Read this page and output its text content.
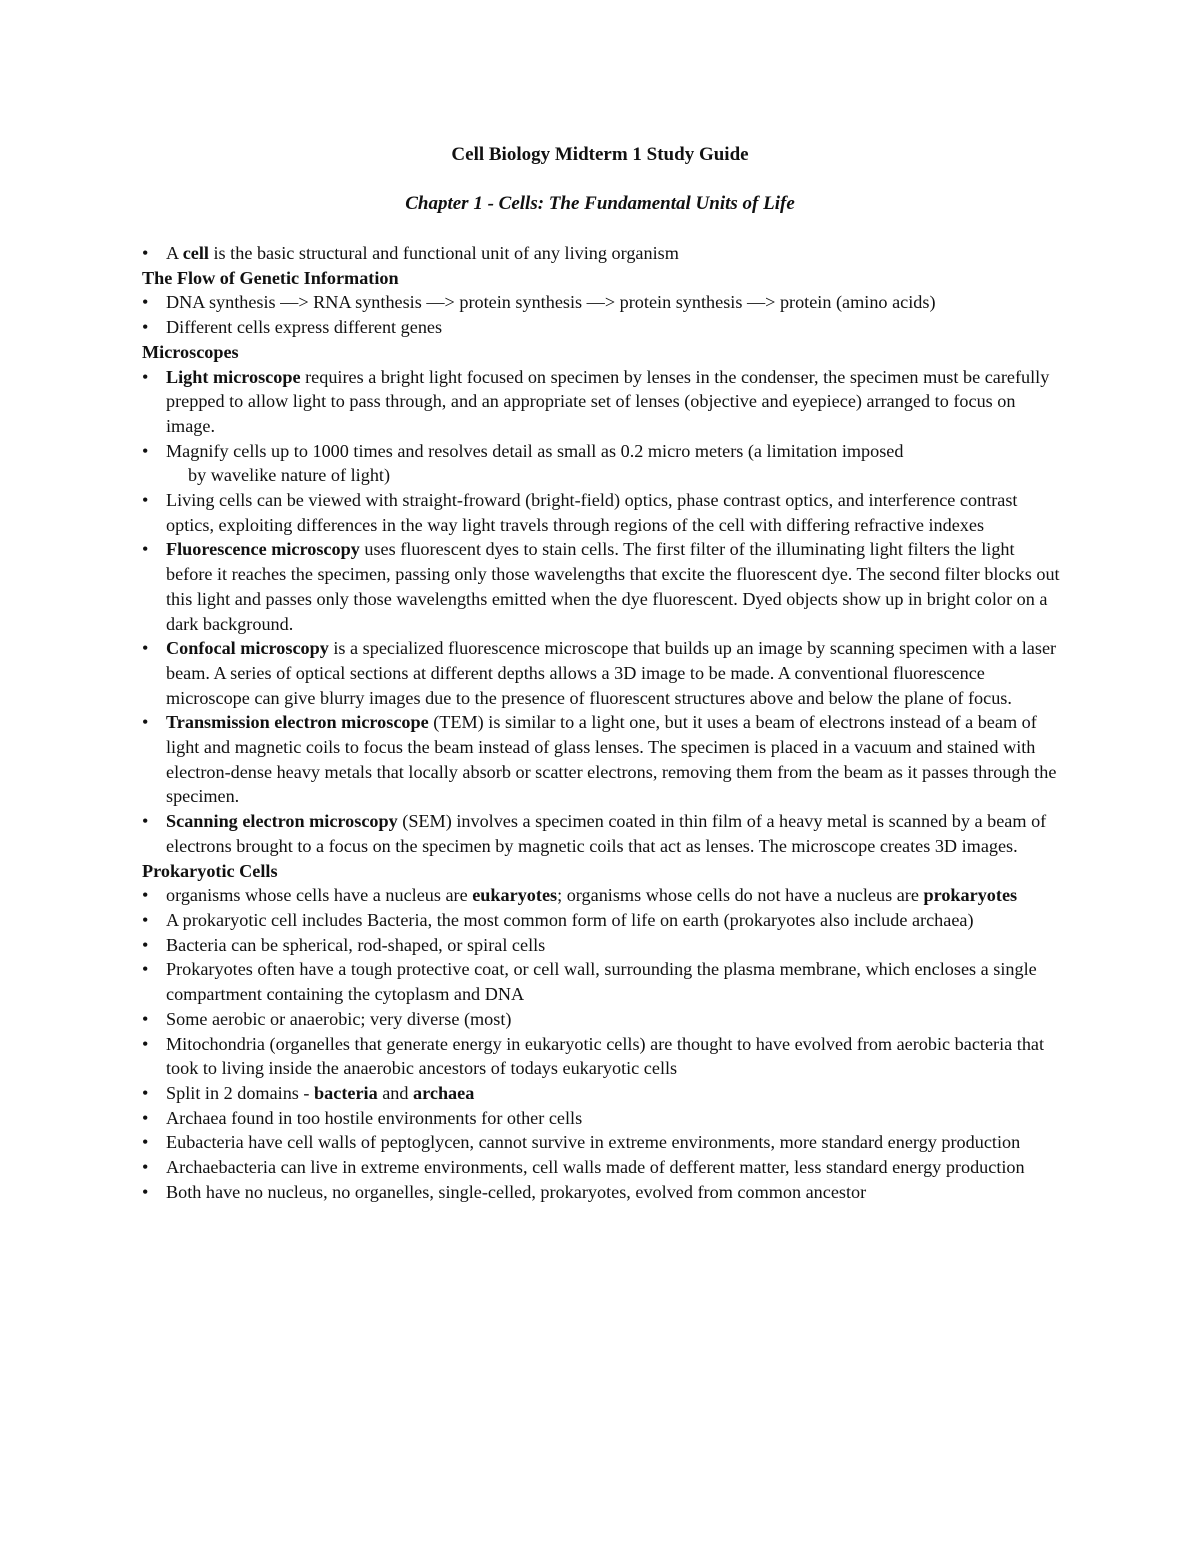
Cell Biology Midterm 1 Study Guide
Chapter 1 - Cells: The Fundamental Units of Life
• A cell is the basic structural and functional unit of any living organism
The Flow of Genetic Information
• DNA synthesis —> RNA synthesis —> protein synthesis —> protein synthesis —> protein (amino acids)
• Different cells express different genes
Microscopes
• Light microscope requires a bright light focused on specimen by lenses in the condenser, the specimen must be carefully prepped to allow light to pass through, and an appropriate set of lenses (objective and eyepiece) arranged to focus on image.
• Magnify cells up to 1000 times and resolves detail as small as 0.2 micro meters (a limitation imposed
by wavelike nature of light)
• Living cells can be viewed with straight-froward (bright-field) optics, phase contrast optics, and interference contrast optics, exploiting differences in the way light travels through regions of the cell with differing refractive indexes
• Fluorescence microscopy uses fluorescent dyes to stain cells. The first filter of the illuminating light filters the light before it reaches the specimen, passing only those wavelengths that excite the fluorescent dye. The second filter blocks out this light and passes only those wavelengths emitted when the dye fluorescent. Dyed objects show up in bright color on a dark background.
• Confocal microscopy is a specialized fluorescence microscope that builds up an image by scanning specimen with a laser beam. A series of optical sections at different depths allows a 3D image to be made. A conventional fluorescence microscope can give blurry images due to the presence of fluorescent structures above and below the plane of focus.
• Transmission electron microscope (TEM) is similar to a light one, but it uses a beam of electrons instead of a beam of light and magnetic coils to focus the beam instead of glass lenses. The specimen is placed in a vacuum and stained with electron-dense heavy metals that locally absorb or scatter electrons, removing them from the beam as it passes through the specimen.
• Scanning electron microscopy (SEM) involves a specimen coated in thin film of a heavy metal is scanned by a beam of electrons brought to a focus on the specimen by magnetic coils that act as lenses. The microscope creates 3D images.
Prokaryotic Cells
• organisms whose cells have a nucleus are eukaryotes; organisms whose cells do not have a nucleus are prokaryotes
• A prokaryotic cell includes Bacteria, the most common form of life on earth (prokaryotes also include archaea)
• Bacteria can be spherical, rod-shaped, or spiral cells
• Prokaryotes often have a tough protective coat, or cell wall, surrounding the plasma membrane, which encloses a single compartment containing the cytoplasm and DNA
• Some aerobic or anaerobic; very diverse (most)
• Mitochondria (organelles that generate energy in eukaryotic cells) are thought to have evolved from aerobic bacteria that took to living inside the anaerobic ancestors of todays eukaryotic cells
• Split in 2 domains - bacteria and archaea
• Archaea found in too hostile environments for other cells
• Eubacteria have cell walls of peptoglycen, cannot survive in extreme environments, more standard energy production
• Archaebacteria can live in extreme environments, cell walls made of defferent matter, less standard energy production
• Both have no nucleus, no organelles, single-celled, prokaryotes, evolved from common ancestor
